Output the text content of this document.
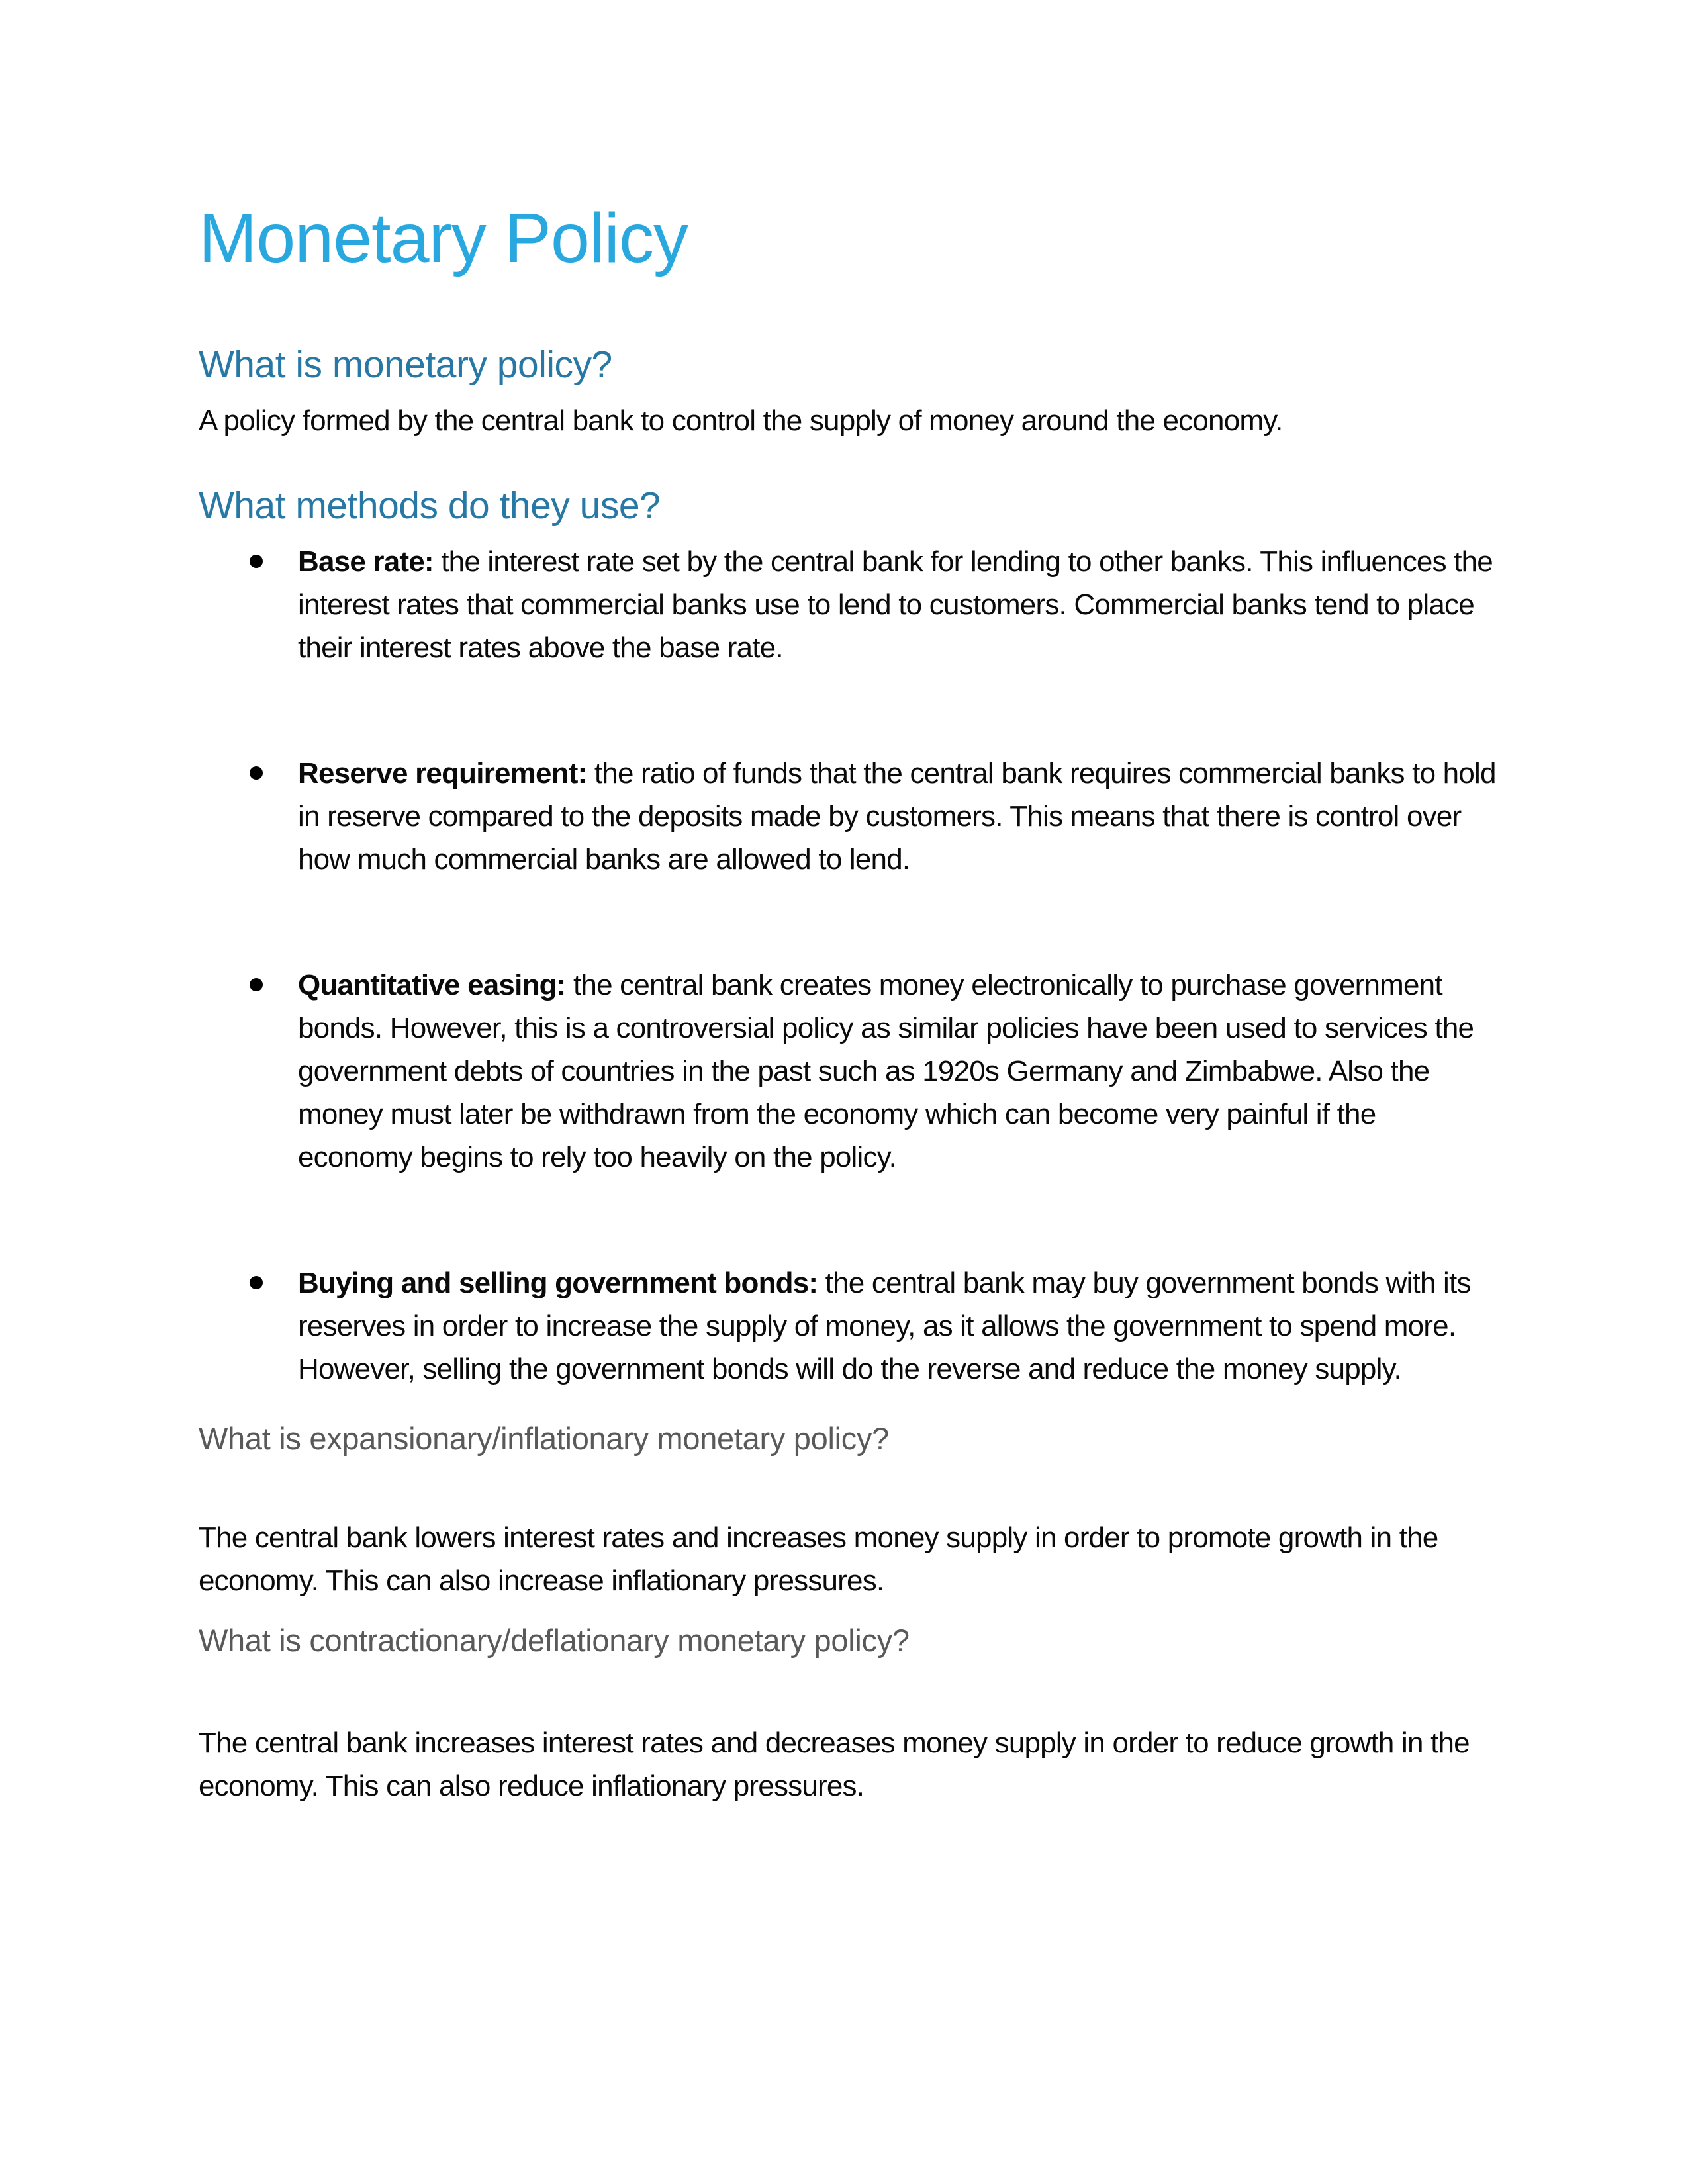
Monetary Policy
What is monetary policy?

A policy formed by the central bank to control the supply of money around the economy.

What methods do they use?
Base rate: the interest rate set by the central bank for lending to other banks. This influences the interest rates that commercial banks use to lend to customers. Commercial banks tend to place their interest rates above the base rate.
Reserve requirement: the ratio of funds that the central bank requires commercial banks to hold in reserve compared to the deposits made by customers. This means that there is control over how much commercial banks are allowed to lend.
Quantitative easing: the central bank creates money electronically to purchase government bonds. However, this is a controversial policy as similar policies have been used to services the government debts of countries in the past such as 1920s Germany and Zimbabwe. Also the money must later be withdrawn from the economy which can become very painful if the economy begins to rely too heavily on the policy.
Buying and selling government bonds: the central bank may buy government bonds with its reserves in order to increase the supply of money, as it allows the government to spend more. However, selling the government bonds will do the reverse and reduce the money supply.
What is expansionary/inflationary monetary policy?

The central bank lowers interest rates and increases money supply in order to promote growth in the economy. This can also increase inflationary pressures.

What is contractionary/deflationary monetary policy?

The central bank increases interest rates and decreases money supply in order to reduce growth in the economy. This can also reduce inflationary pressures.
